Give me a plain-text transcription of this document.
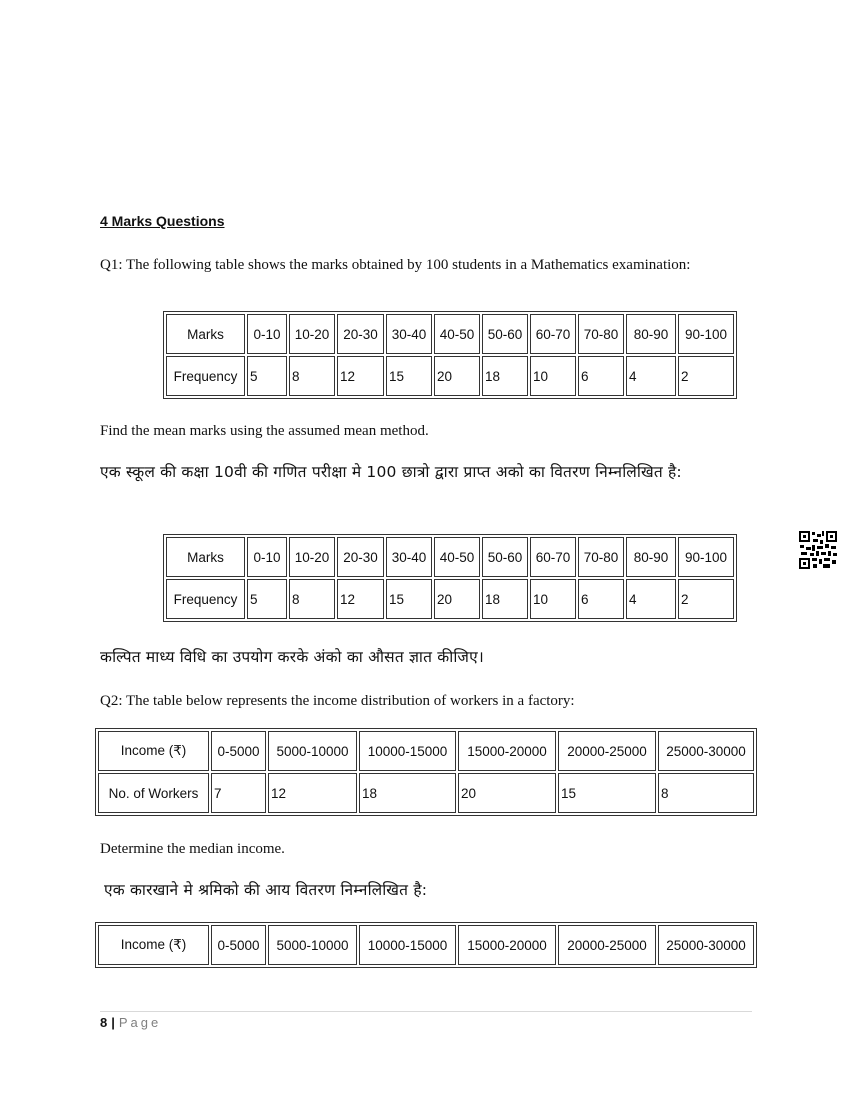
4 Marks Questions
Q1: The following table shows the marks obtained by 100 students in a Mathematics examination:
Marks	0-10	10-20	20-30	30-40	40-50	50-60	60-70	70-80	80-90	90-100
Frequency	5	8	12	15	20	18	10	6	4	2
Find the mean marks using the assumed mean method.
एक स्कूल की कक्षा 10वी की गणित परीक्षा मे 100 छात्रो द्वारा प्राप्त अको का वितरण निम्नलिखित है:
Marks	0-10	10-20	20-30	30-40	40-50	50-60	60-70	70-80	80-90	90-100
Frequency	5	8	12	15	20	18	10	6	4	2
कल्पित माध्य विधि का उपयोग करके अंको का औसत ज्ञात कीजिए।
Q2: The table below represents the income distribution of workers in a factory:
Income (₹)	0-5000	5000-10000	10000-15000	15000-20000	20000-25000	25000-30000
No. of Workers	7	12	18	20	15	8
Determine the median income.
एक कारखाने मे श्रमिको की आय वितरण निम्नलिखित है:
Income (₹)	0-5000	5000-10000	10000-15000	15000-20000	20000-25000	25000-30000
8 | Page
